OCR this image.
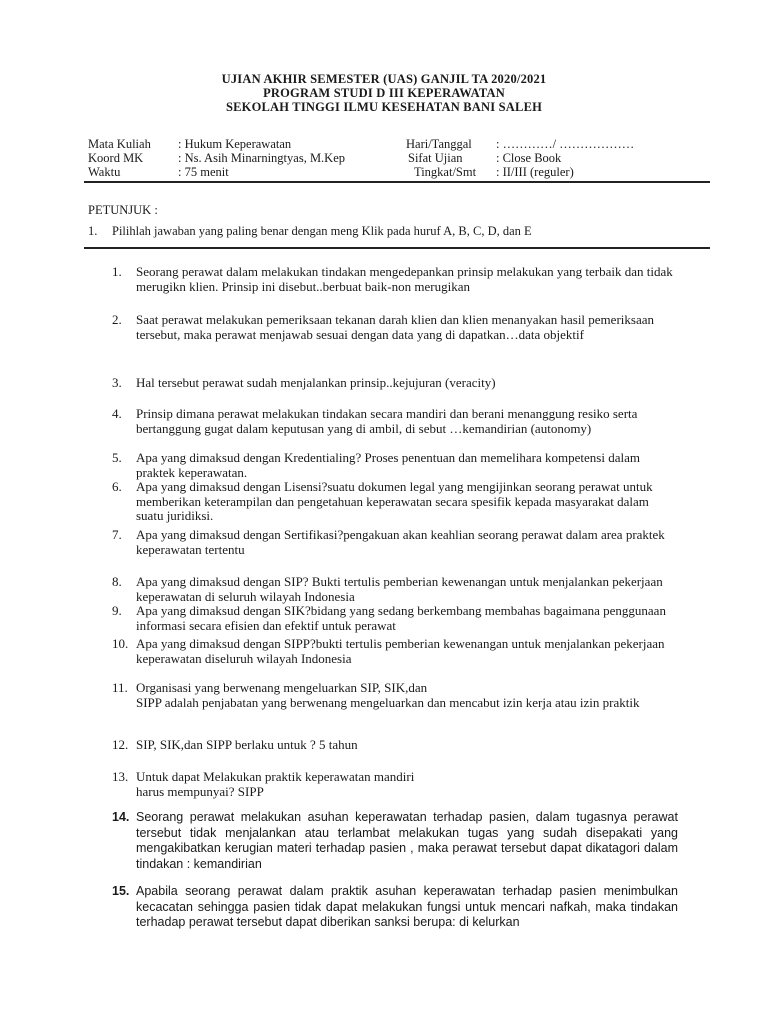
UJIAN AKHIR SEMESTER (UAS) GANJIL TA 2020/2021
PROGRAM STUDI D III KEPERAWATAN
SEKOLAH TINGGI ILMU KESEHATAN BANI SALEH
Mata Kuliah : Hukum Keperawatan	Hari/Tanggal : …………/ ………………
Koord MK	: Ns. Asih Minarningtyas, M.Kep	Sifat Ujian	: Close Book
Waktu	: 75 menit	Tingkat/Smt : II/III (reguler)
PETUNJUK :
1. Pilihlah jawaban yang paling benar dengan meng Klik pada huruf A, B, C, D, dan E
1. Seorang perawat dalam melakukan tindakan mengedepankan prinsip melakukan yang terbaik dan tidak merugikn klien. Prinsip ini disebut..berbuat baik-non merugikan
2. Saat perawat melakukan pemeriksaan tekanan darah klien dan klien menanyakan hasil pemeriksaan tersebut, maka perawat menjawab sesuai dengan data yang di dapatkan…data objektif
3. Hal tersebut perawat sudah menjalankan prinsip..kejujuran (veracity)
4. Prinsip dimana perawat melakukan tindakan secara mandiri dan berani menanggung resiko serta bertanggung gugat dalam keputusan yang di ambil, di sebut …kemandirian (autonomy)
5. Apa yang dimaksud dengan Kredentialing? Proses penentuan dan memelihara kompetensi dalam praktek keperawatan.
6. Apa yang dimaksud dengan Lisensi?suatu dokumen legal yang mengijinkan seorang perawat untuk memberikan keterampilan dan pengetahuan keperawatan secara spesifik kepada masyarakat dalam suatu juridiksi.
7. Apa yang dimaksud dengan Sertifikasi?pengakuan akan keahlian seorang perawat dalam area praktek keperawatan tertentu
8. Apa yang dimaksud dengan SIP? Bukti tertulis pemberian kewenangan untuk menjalankan pekerjaan keperawatan di seluruh wilayah Indonesia
9. Apa yang dimaksud dengan SIK?bidang yang sedang berkembang membahas bagaimana penggunaan informasi secara efisien dan efektif untuk perawat
10. Apa yang dimaksud dengan SIPP?bukti tertulis pemberian kewenangan untuk menjalankan pekerjaan keperawatan diseluruh wilayah Indonesia
11. Organisasi yang berwenang mengeluarkan SIP, SIK,dan
SIPP adalah penjabatan yang berwenang mengeluarkan dan mencabut izin kerja atau izin praktik
12. SIP, SIK,dan SIPP berlaku untuk ? 5 tahun
13. Untuk dapat Melakukan praktik keperawatan mandiri
harus mempunyai? SIPP
14. Seorang perawat melakukan asuhan keperawatan terhadap pasien, dalam tugasnya perawat tersebut tidak menjalankan atau terlambat melakukan tugas yang sudah disepakati yang mengakibatkan kerugian materi terhadap pasien , maka perawat tersebut dapat dikatagori dalam tindakan : kemandirian
15. Apabila seorang perawat dalam praktik asuhan keperawatan terhadap pasien menimbulkan kecacatan sehingga pasien tidak dapat melakukan fungsi untuk mencari nafkah, maka tindakan terhadap perawat tersebut dapat diberikan sanksi berupa: di kelurkan
